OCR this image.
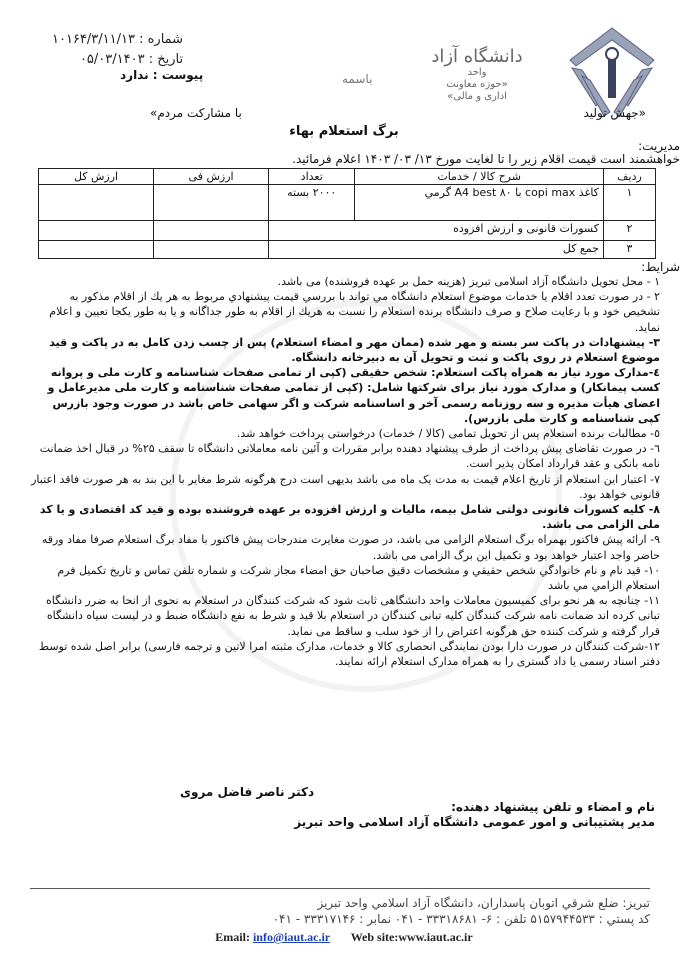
شماره : ۱۰۱۶۴/۳/۱۱/۱۳
تاريخ : ۰۵/۰۳/۱۴۰۳
پیوست : ندارد
دانشگاه آزاد
واحد
«حوزه معاونت
اداری و مالی»
باسمه
«جهش تولید
با مشارکت مردم»
برگ استعلام بهاء
مدیریت:
خواهشمند است قیمت اقلام زیر را تا لغایت مورخ ۱۳/ ۰۳/ ۱۴۰۳ اعلام فرمائید.
رديف	شرح كالا / خدمات	تعداد	ارزش فی	ارزش كل
۱	کاغذ copi max با A4 best ۸۰ گرمي	۲۰۰۰ بسته		
۲	کسورات قانونی و ارزش افزوده			
۳	جمع کل			
شرايط:

۱ - محل تحويل دانشگاه آزاد اسلامی تبريز (هزينه حمل بر عهده فروشنده) می باشد.

۲ - در صورت تعدد اقلام يا خدمات موضوع استعلام دانشگاه مي تواند با بررسي قيمت پيشنهادي مربوط به هر يك از اقلام مذكور به تشخيص خود و با رعايت صلاح و صرف دانشگاه برنده استعلام را نسبت به هريك از اقلام به طور جداگانه و يا به طور يكجا تعيين و اعلام نمايد.

۳- پیشنهادات در پاکت سر بسته و مهر شده (ممان مهر و امضاء استعلام) پس از چسب زدن کامل به در پاکت و قید موضوع استعلام در روی پاکت و ثبت و تحویل آن به دبیرخانه دانشگاه.

٤-مدارک مورد نياز به همراه پاکت استعلام: شخص حقيقی (کپی از تمامی صفحات شناسنامه و کارت ملی و پروانه کسب پيمانکار) و مدارک مورد نياز برای شرکتها شامل: (کپی از تمامی صفحات شناسنامه و کارت ملی مديرعامل و اعضای هيأت مديره و سه روزنامه رسمی آخر و اساسنامه شرکت و اگر سهامی خاص باشد در صورت وجود بازرس کپی شناسنامه و کارت ملی بازرس).

٥- مطالبات برنده استعلام پس از تحویل تمامی (كالا / خدمات) درخواستی پرداخت خواهد شد.

٦- در صورت تقاضای پيش پرداخت از طرف پيشنهاد دهنده برابر مقررات و آئين نامه معاملاتی دانشگاه تا سقف ۲۵% در قبال اخذ ضمانت نامه بانکی و عقد قرارداد امکان پذير است.

۷- اعتبار اين استعلام از تاريخ اعلام قيمت به مدت يک ماه می باشد بديهی است درج هرگونه شرط مغاير با اين بند به هر صورت فاقد اعتبار قانونی خواهد بود.

۸- کلیه کسورات قانونی دولتی شامل بیمه، مالیات و ارزش افزوده بر عهده فروشنده بوده و قید کد اقتصادی و یا کد ملی الزامی می باشد.

۹- ارائه پیش فاکتور بهمراه برگ استعلام الزامی می باشد، در صورت مغایرت مندرجات پیش فاکتور با مفاد برگ استعلام صرفا مفاد ورقه حاضر واجد اعتبار خواهد بود و تکمیل این برگ الزامی می باشد.

۱۰- قيد نام و نام خانوادگي شخص حقيقي و مشخصات دقيق صاحبان حق امضاء مجاز شركت و شماره تلفن تماس و تاريخ تكميل فرم استعلام الزامي مي باشد

۱۱- چنانچه به هر نحو برای کميسيون معاملات واحد دانشگاهی ثابت شود که شرکت کنندگان در استعلام به نحوی از انحا به ضرر دانشگاه تبانی کرده اند ضمانت نامه شرکت کنندگان کليه تبانی کنندگان در استعلام بلا قيد و شرط به نفع دانشگاه ضبط و در ليست سياه دانشگاه قرار گرفته و شرکت کننده حق هرگونه اعتراض را از خود سلب و ساقط می نمايد.

۱۲-شرکت کنندگان در صورت دارا بودن نمايندگی انحصاری کالا و خدمات، مدارک مثبته امرا لاتين و ترجمه فارسی) برابر اصل شده توسط دفتر اسناد رسمی يا داد گستری را به همراه مدارک استعلام ارائه نمايند.

دكتر ناصر فاضل مروی
نام و امضاء و تلفن پیشنهاد دهنده:
مدير پشتیبانی و امور عمومی دانشگاه آزاد اسلامی واحد تبریز
تبريز: ضلع شرقي اتوبان پاسداران، دانشگاه آزاد اسلامي واحد تبريز
كد پستي : ۵۱۵۷۹۴۴۵۳۳ تلفن : ۶- ۳۳۳۱۸۶۸۱ - ۰۴۱ نمابر : ۳۳۳۱۷۱۴۶ - ۰۴۱
Email: info@iaut.ac.ir Web site:www.iaut.ac.ir
